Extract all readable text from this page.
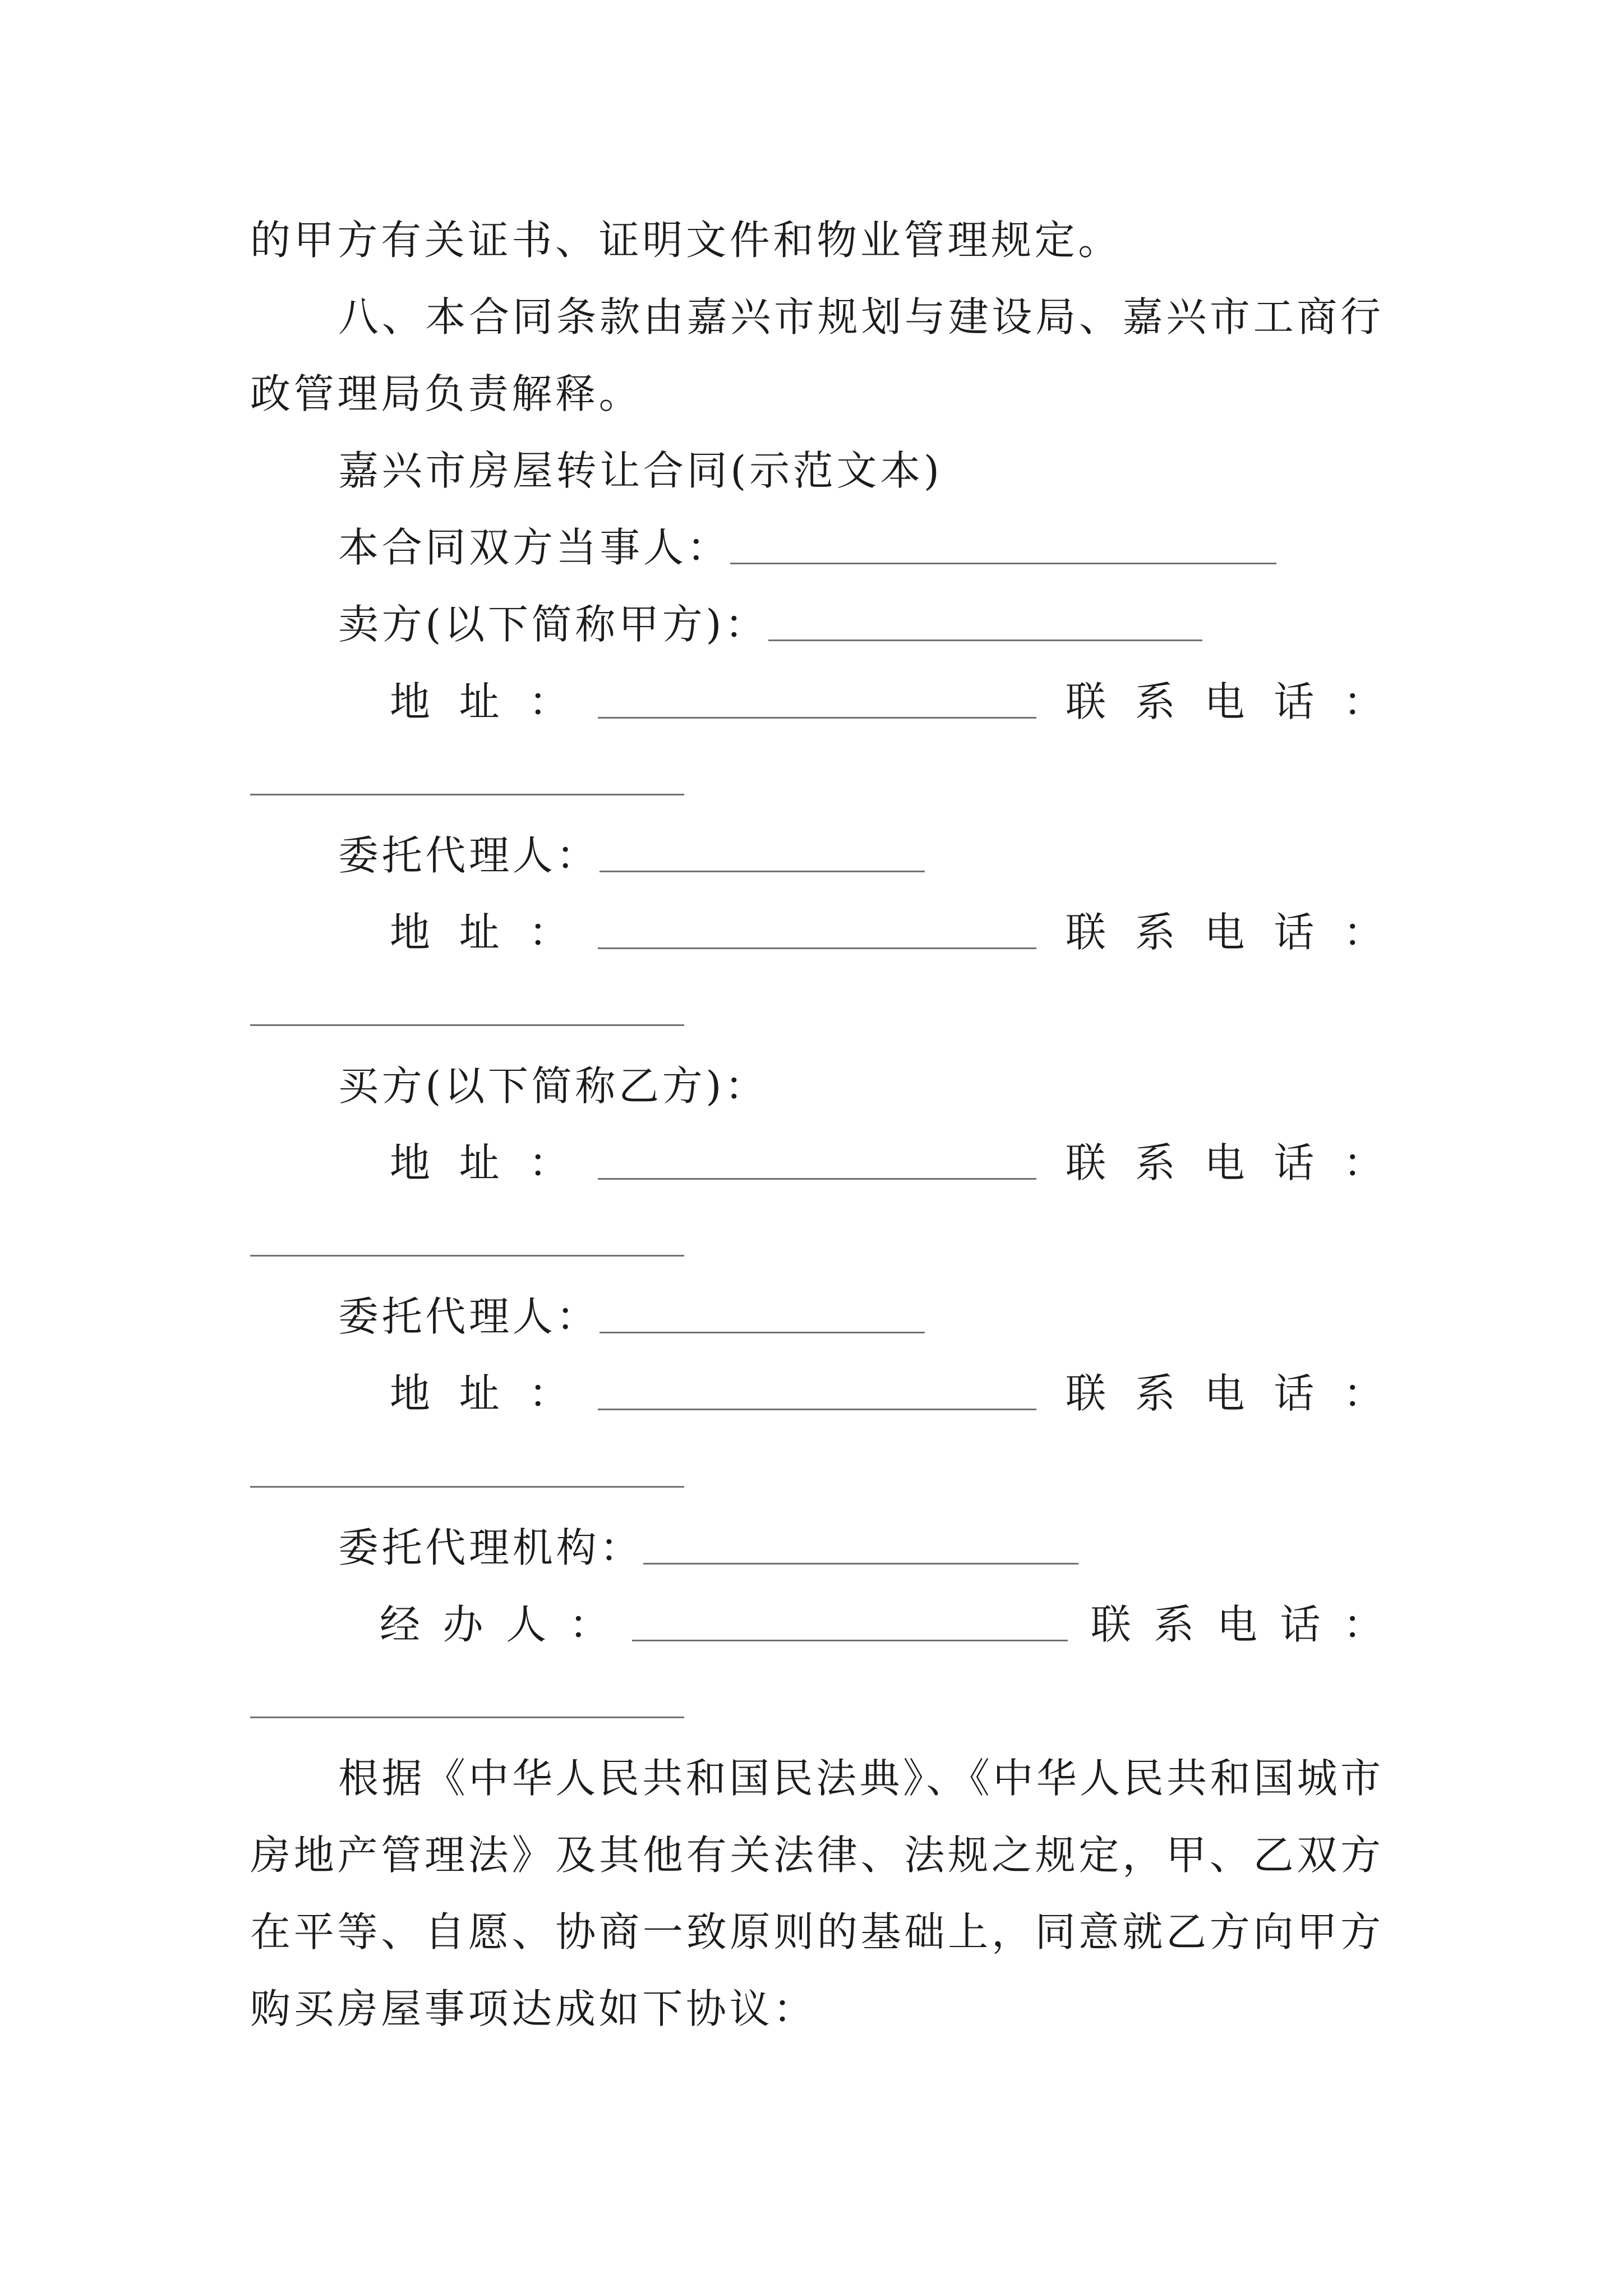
的甲方有关证书、证明文件和物业管理规定。
八、本合同条款由嘉兴市规划与建设局、嘉兴市工商行
政管理局负责解释。
嘉兴市房屋转让合同(示范文本)
本合同双方当事人：
卖方(以下简称甲方)：
地 址 ：	联 系 电 话 ：
委托代理人：
地 址 ：	联 系 电 话 ：
买方(以下简称乙方)：
地 址 ：	联 系 电 话 ：
委托代理人：
地 址 ：	联 系 电 话 ：
委托代理机构：
经 办 人 ：	联 系 电 话 ：
根据《中华人民共和国民法典》、《中华人民共和国城市
房地产管理法》及其他有关法律、法规之规定，甲、乙双方
在平等、自愿、协商一致原则的基础上，同意就乙方向甲方
购买房屋事项达成如下协议：
